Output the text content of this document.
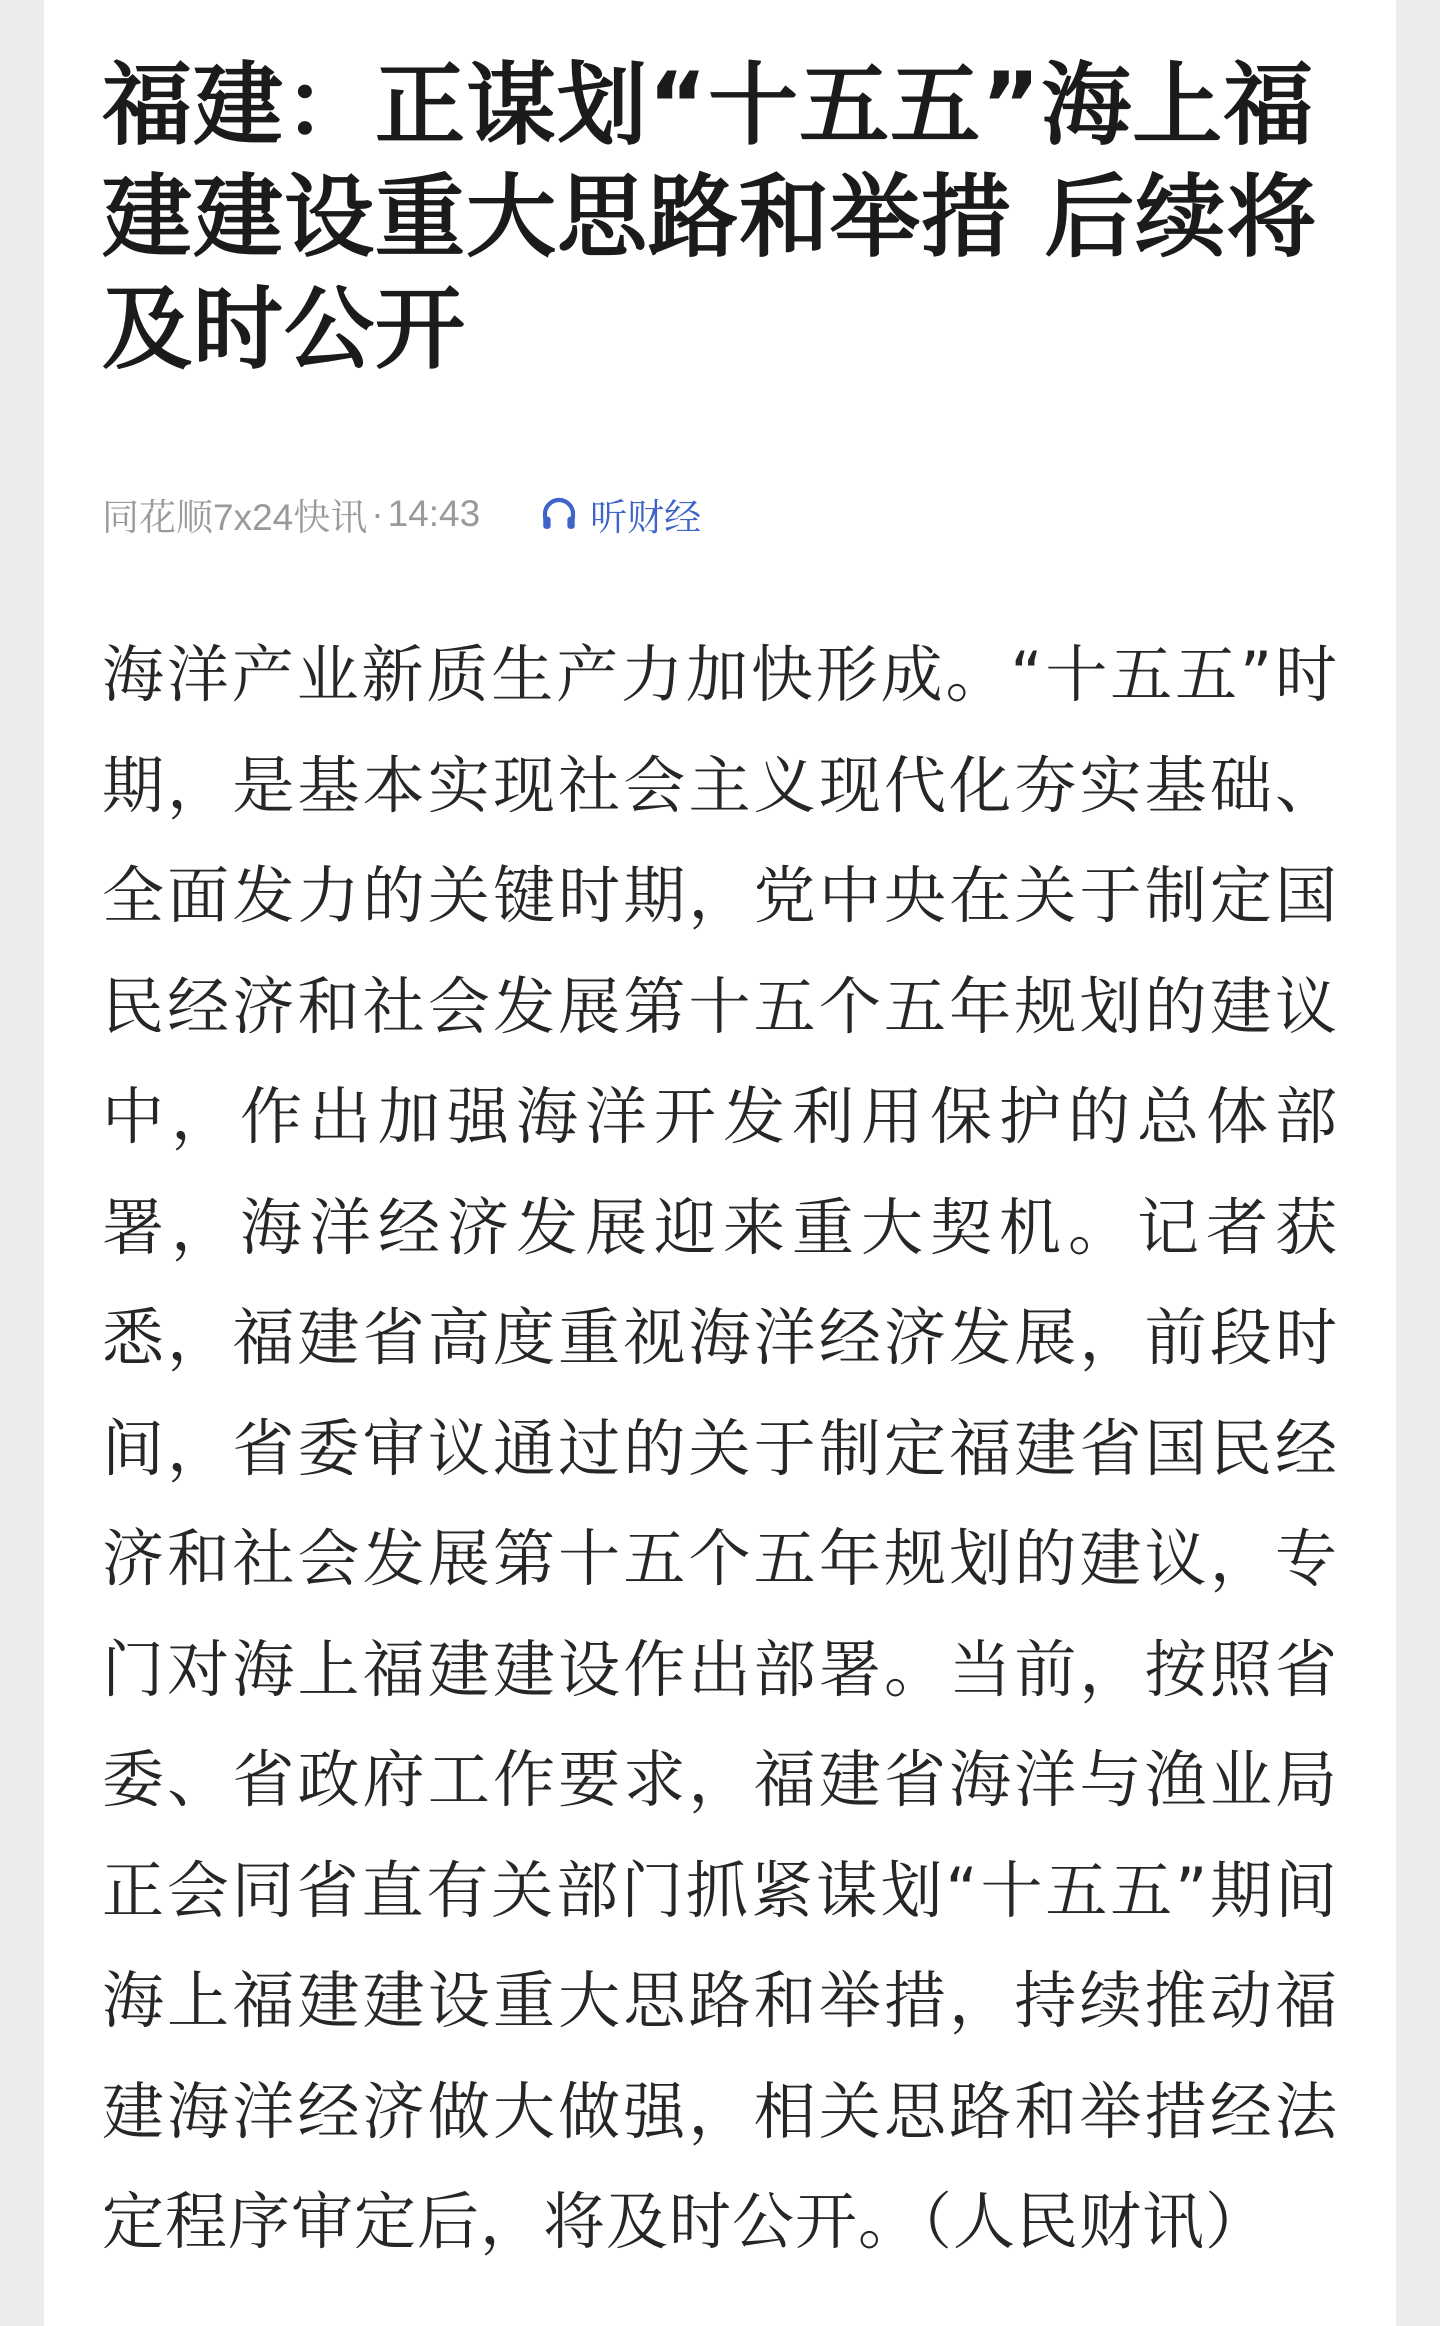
福建：正谋划“十五五”海上福建建设重大思路和举措 后续将及时公开
同花顺7x24快讯 · 14:43	听财经

海洋产业新质生产力加快形成。“十五五”时期，是基本实现社会主义现代化夯实基础、全面发力的关键时期，党中央在关于制定国民经济和社会发展第十五个五年规划的建议中，作出加强海洋开发利用保护的总体部署，海洋经济发展迎来重大契机。记者获悉，福建省高度重视海洋经济发展，前段时间，省委审议通过的关于制定福建省国民经济和社会发展第十五个五年规划的建议，专门对海上福建建设作出部署。当前，按照省委、省政府工作要求，福建省海洋与渔业局正会同省直有关部门抓紧谋划“十五五”期间海上福建建设重大思路和举措，持续推动福建海洋经济做大做强，相关思路和举措经法定程序审定后，将及时公开。（人民财讯）
